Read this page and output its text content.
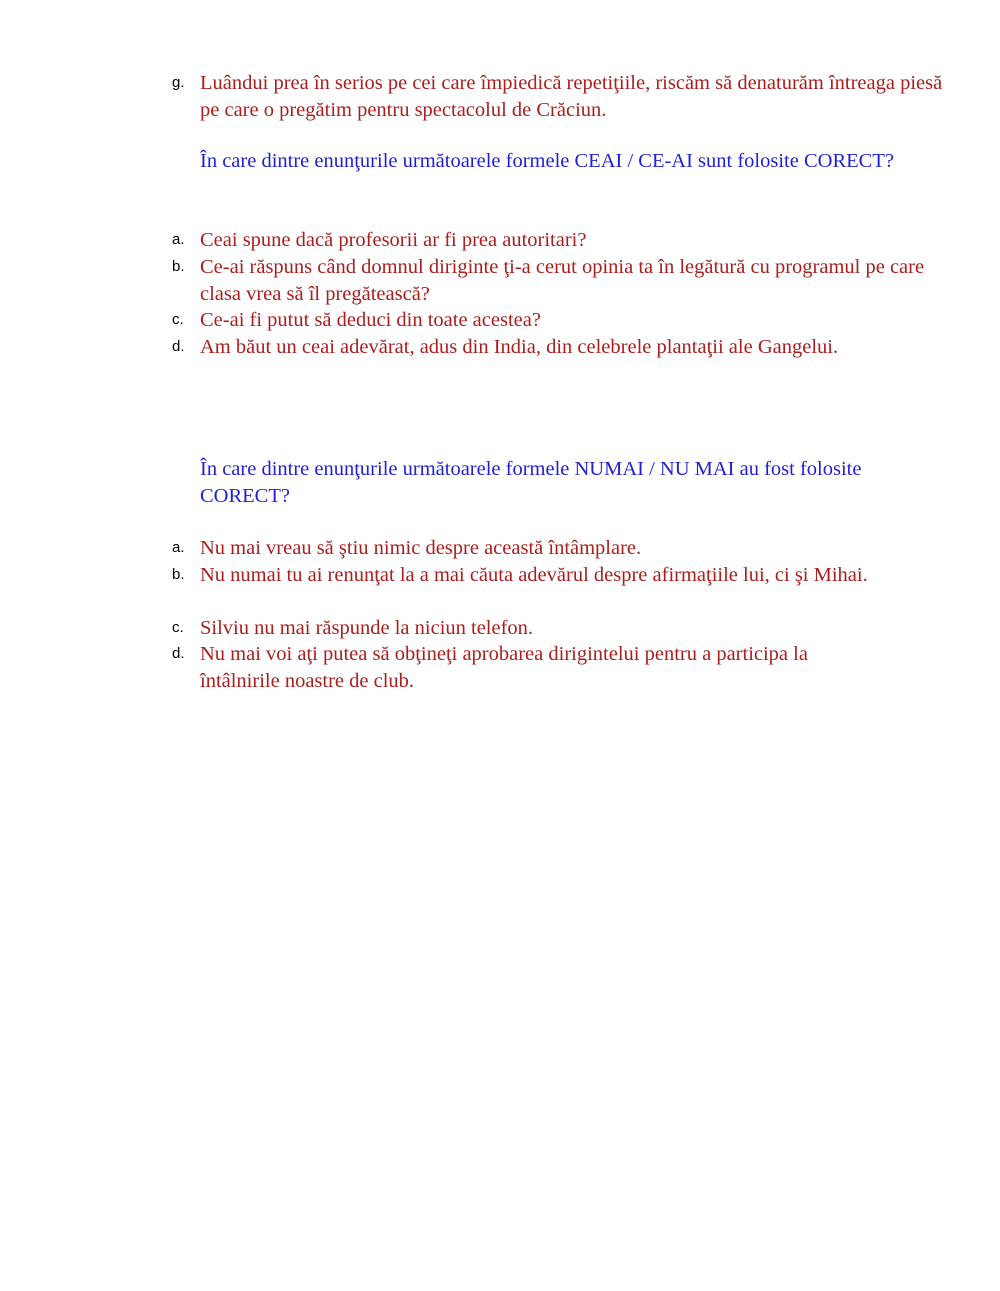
g. Luândui prea în serios pe cei care împiedică repetiţiile, riscăm să denaturăm întreaga piesă pe care o pregătim pentru spectacolul de Crăciun.
În care dintre enunţurile următoarele formele CEAI / CE-AI sunt folosite CORECT?
a. Ceai spune dacă profesorii ar fi prea autoritari?
b. Ce-ai răspuns când domnul diriginte ţi-a cerut opinia ta în legătură cu programul pe care clasa vrea să îl pregătească?
c. Ce-ai fi putut să deduci din toate acestea?
d. Am băut un ceai adevărat, adus din India, din celebrele plantaţii ale Gangelui.
În care dintre enunţurile următoarele formele NUMAI / NU MAI au fost folosite CORECT?
a. Nu mai vreau să ştiu nimic despre această întâmplare.
b. Nu numai tu ai renunţat la a mai căuta adevărul despre afirmaţiile lui, ci şi Mihai.
c. Silviu nu mai răspunde la niciun telefon.
d. Nu mai voi aţi putea să obţineţi aprobarea dirigintelui pentru a participa la întâlnirile noastre de club.
